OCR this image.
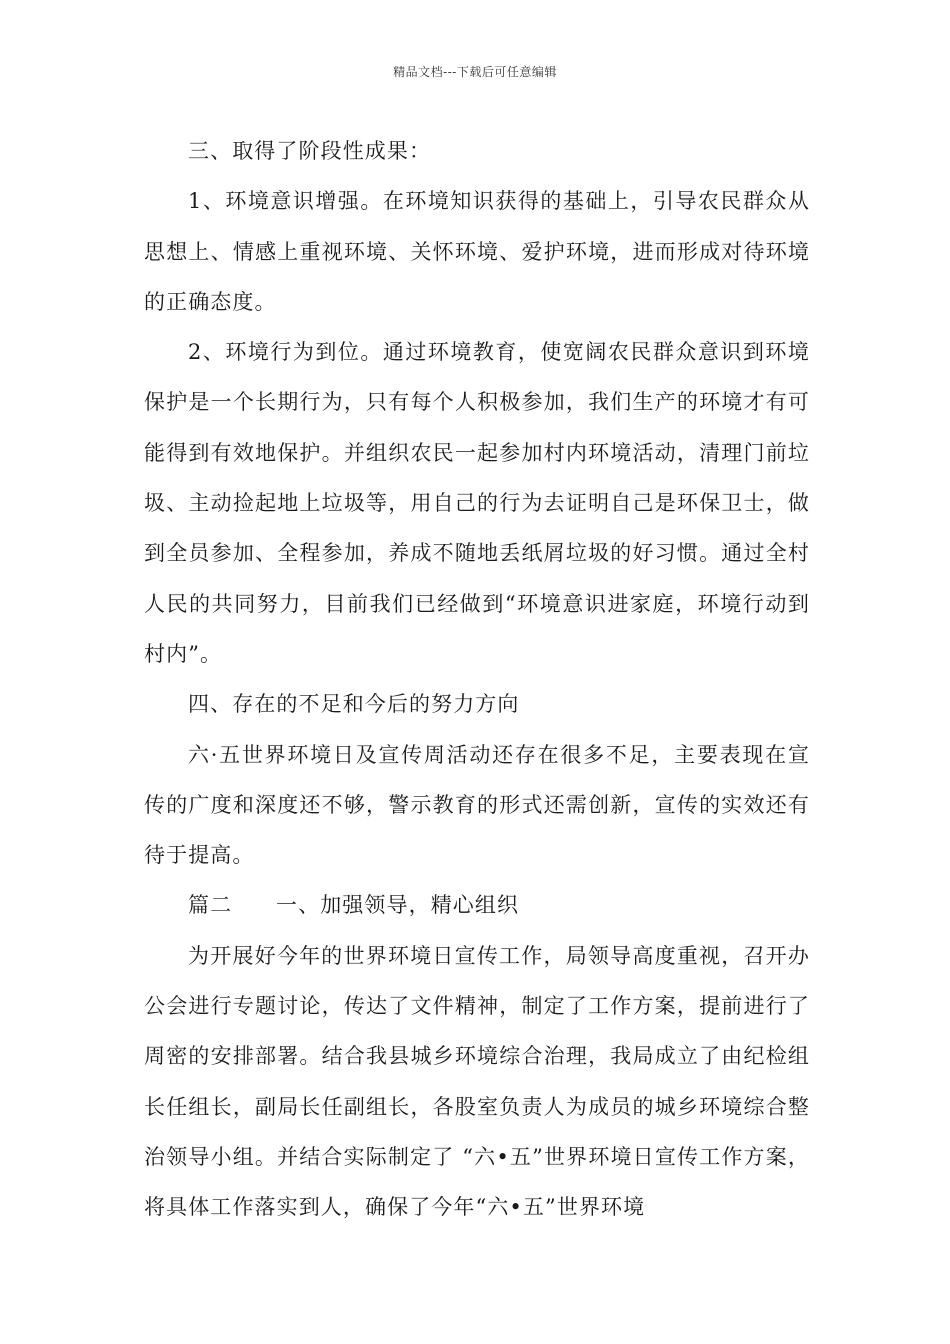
精品文档---下载后可任意编辑

三、取得了阶段性成果：

1、环境意识增强。在环境知识获得的基础上，引导农民群众从思想上、情感上重视环境、关怀环境、爱护环境，进而形成对待环境的正确态度。

2、环境行为到位。通过环境教育，使宽阔农民群众意识到环境保护是一个长期行为，只有每个人积极参加，我们生产的环境才有可能得到有效地保护。并组织农民一起参加村内环境活动，清理门前垃圾、主动捡起地上垃圾等，用自己的行为去证明自己是环保卫士，做到全员参加、全程参加，养成不随地丢纸屑垃圾的好习惯。通过全村人民的共同努力，目前我们已经做到“环境意识进家庭，环境行动到村内”。

四、存在的不足和今后的努力方向

六·五世界环境日及宣传周活动还存在很多不足，主要表现在宣传的广度和深度还不够，警示教育的形式还需创新，宣传的实效还有待于提高。

篇二 一、加强领导，精心组织

为开展好今年的世界环境日宣传工作，局领导高度重视，召开办公会进行专题讨论，传达了文件精神，制定了工作方案，提前进行了周密的安排部署。结合我县城乡环境综合治理，我局成立了由纪检组长任组长，副局长任副组长，各股室负责人为成员的城乡环境综合整治领导小组。并结合实际制定了 “六•五”世界环境日宣传工作方案，将具体工作落实到人，确保了今年“六•五”世界环境
